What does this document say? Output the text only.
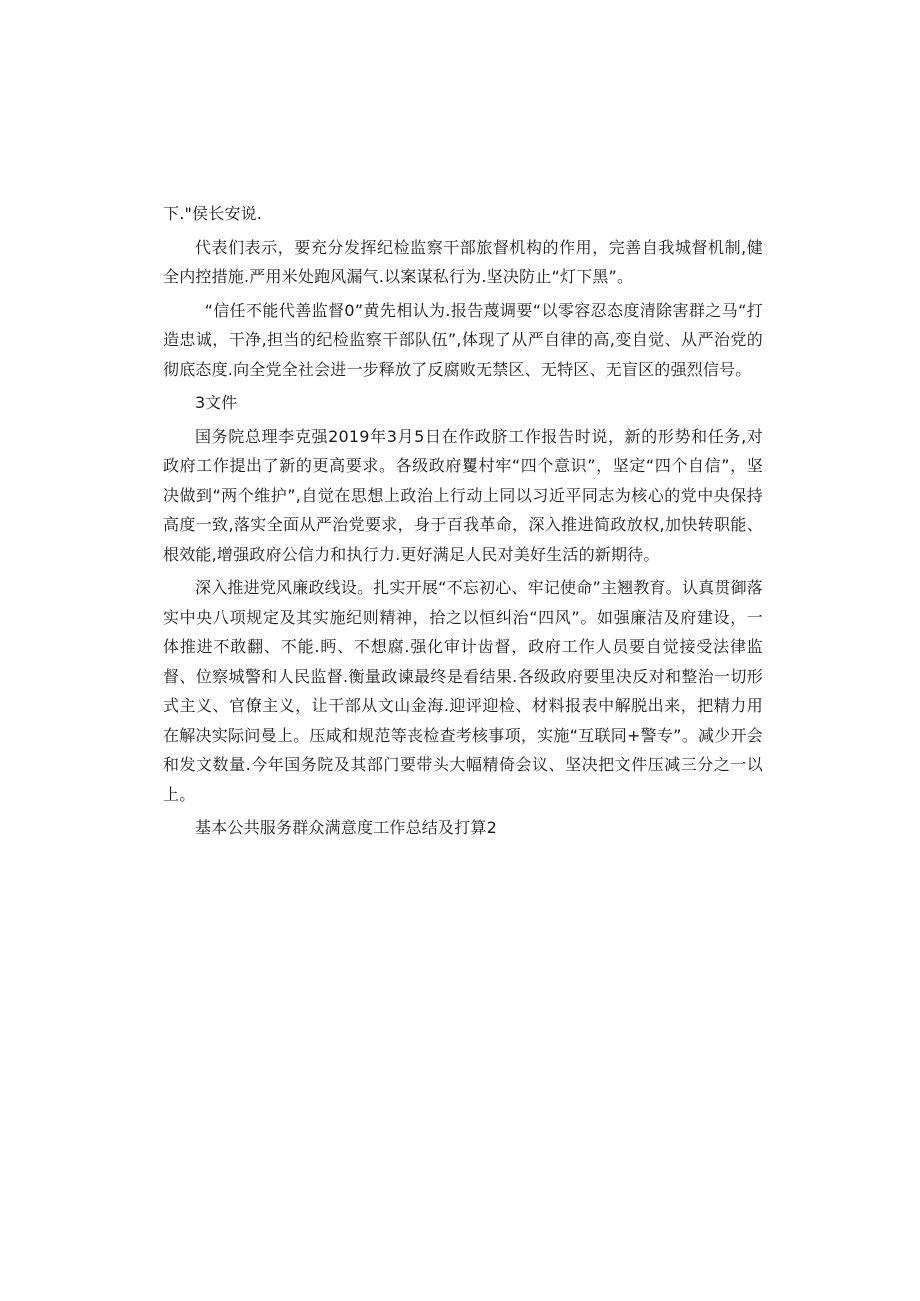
下."侯长安说.

代表们表示，要充分发挥纪检监察干部旅督机构的作用，完善自我城督机制,健全内控措施.严用米处跑风漏气.以案谋私行为.坚决防止“灯下黑”。

“信任不能代善监督0”黄先相认为.报告蔑调要“以零容忍态度清除害群之马“打造忠诚，干净,担当的纪检监察干部队伍”,体现了从严自律的高,变自觉、从严治党的彻底态度.向全党全社会进一步释放了反腐败无禁区、无特区、无盲区的强烈信号。

3文件

国务院总理李克强2019年3月5日在作政脐工作报告时说，新的形势和任务,对政府工作提出了新的更高要求。各级政府矍村牢“四个意识”，坚定“四个自信”，坚决做到“两个维护”,自觉在思想上政治上行动上同以习近平同志为核心的党中央保持高度一致,落实全面从严治党要求，身于百我革命，深入推进简政放权,加快转职能、根效能,增强政府公信力和执行力.更好满足人民对美好生活的新期待。

深入推进党风廉政线设。扎实开展“不忘初心、牢记使命”主翘教育。认真贯御落实中央八项规定及其实施纪则精神，拾之以恒纠治“四风”。如强廉洁及府建设，一体推进不敢翻、不能.眄、不想腐.强化审计齿督，政府工作人员要自觉接受法律监督、位察城警和人民监督.衡量政谏最终是看结果.各级政府要里决反对和整治一切形式主义、官僚主义，让干部从文山金海.迎评迎检、材料报表中解脱出来，把精力用在解决实际问曼上。压咸和规范等丧检查考核事项，实施“互联同+警专”。减少开会和发文数量.今年国务院及其部门要带头大幅精倚会议、坚决把文件压减三分之一以上。

基本公共服务群众满意度工作总结及打算2
